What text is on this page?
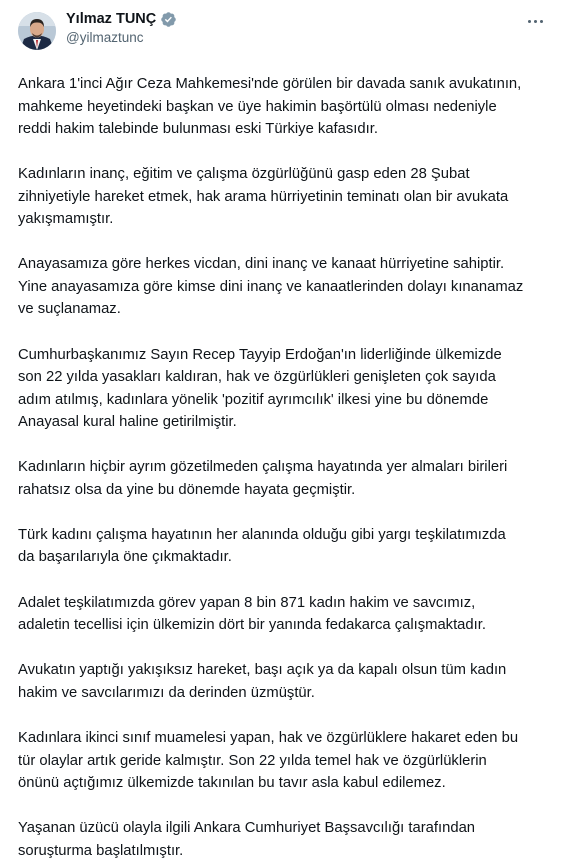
Yılmaz TUNÇ
@yilmaztunc

Ankara 1'inci Ağır Ceza Mahkemesi'nde görülen bir davada sanık avukatının,
mahkeme heyetindeki başkan ve üye hakimin başörtülü olması nedeniyle
reddi hakim talebinde bulunması eski Türkiye kafasıdır.

Kadınların inanç, eğitim ve çalışma özgürlüğünü gasp eden 28 Şubat
zihniyetiyle hareket etmek, hak arama hürriyetinin teminatı olan bir avukata
yakışmamıştır.

Anayasamıza göre herkes vicdan, dini inanç ve kanaat hürriyetine sahiptir.
Yine anayasamıza göre kimse dini inanç ve kanaatlerinden dolayı kınanamaz
ve suçlanamaz.

Cumhurbaşkanımız Sayın Recep Tayyip Erdoğan'ın liderliğinde ülkemizde
son 22 yılda yasakları kaldıran, hak ve özgürlükleri genişleten çok sayıda
adım atılmış, kadınlara yönelik 'pozitif ayrımcılık' ilkesi yine bu dönemde
Anayasal kural haline getirilmiştir.

Kadınların hiçbir ayrım gözetilmeden çalışma hayatında yer almaları birileri
rahatsız olsa da yine bu dönemde hayata geçmiştir.

Türk kadını çalışma hayatının her alanında olduğu gibi yargı teşkilatımızda
da başarılarıyla öne çıkmaktadır.

Adalet teşkilatımızda görev yapan 8 bin 871 kadın hakim ve savcımız,
adaletin tecellisi için ülkemizin dört bir yanında fedakarca çalışmaktadır.

Avukatın yaptığı yakışıksız hareket, başı açık ya da kapalı olsun tüm kadın
hakim ve savcılarımızı da derinden üzmüştür.

Kadınlara ikinci sınıf muamelesi yapan, hak ve özgürlüklere hakaret eden bu
tür olaylar artık geride kalmıştır. Son 22 yılda temel hak ve özgürlüklerin
önünü açtığımız ülkemizde takınılan bu tavır asla kabul edilemez.

Yaşanan üzücü olayla ilgili Ankara Cumhuriyet Başsavcılığı tarafından
soruşturma başlatılmıştır.
